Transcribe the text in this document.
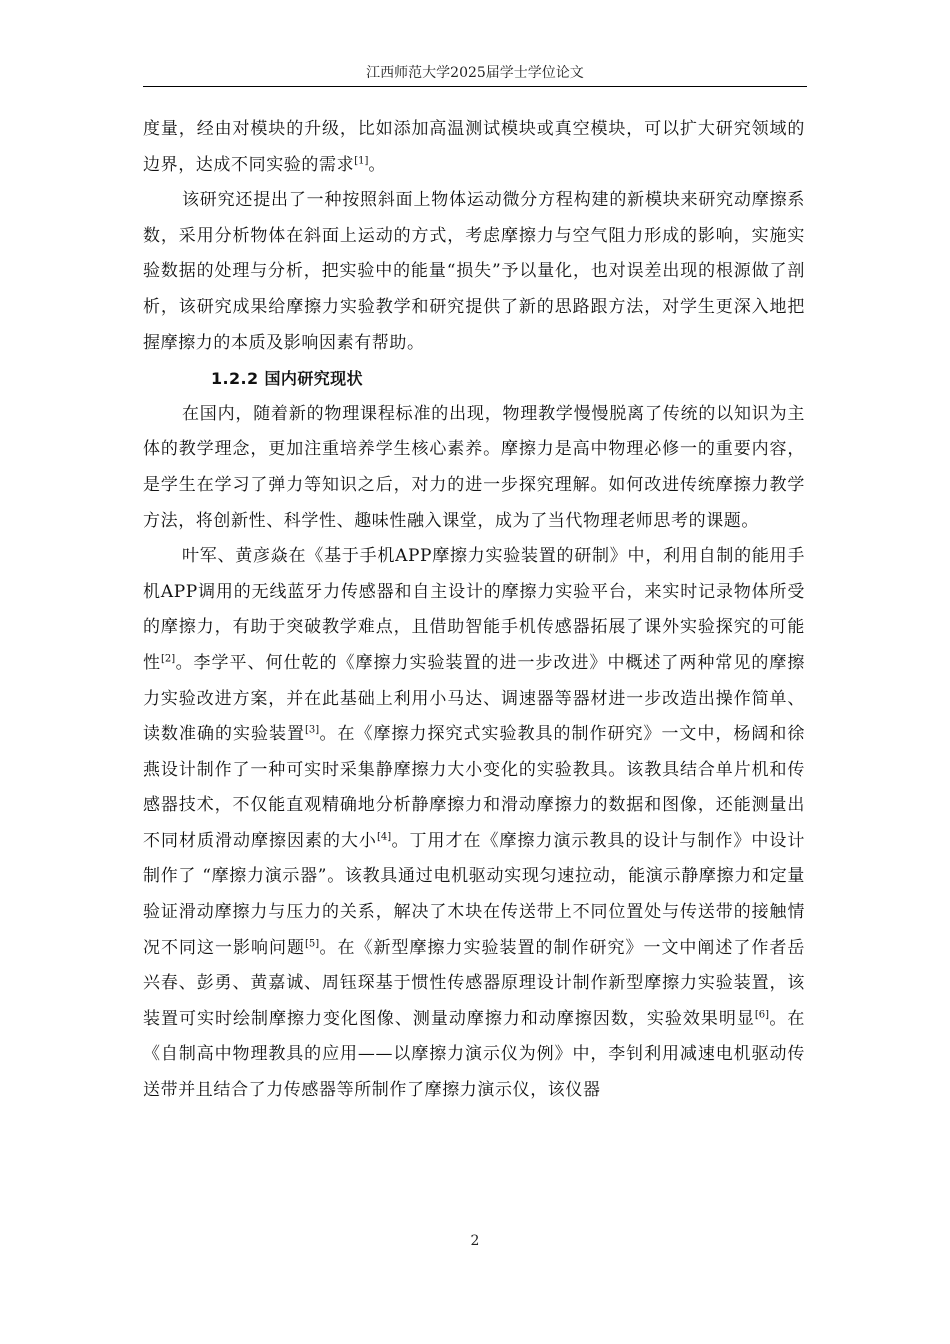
江西师范大学2025届学士学位论文

度量，经由对模块的升级，比如添加高温测试模块或真空模块，可以扩大研究领域的边界，达成不同实验的需求[1]。

该研究还提出了一种按照斜面上物体运动微分方程构建的新模块来研究动摩擦系数，采用分析物体在斜面上运动的方式，考虑摩擦力与空气阻力形成的影响，实施实验数据的处理与分析，把实验中的能量“损失”予以量化，也对误差出现的根源做了剖析，该研究成果给摩擦力实验教学和研究提供了新的思路跟方法，对学生更深入地把握摩擦力的本质及影响因素有帮助。

1.2.2 国内研究现状

在国内，随着新的物理课程标准的出现，物理教学慢慢脱离了传统的以知识为主体的教学理念，更加注重培养学生核心素养。摩擦力是高中物理必修一的重要内容，是学生在学习了弹力等知识之后，对力的进一步探究理解。如何改进传统摩擦力教学方法，将创新性、科学性、趣味性融入课堂，成为了当代物理老师思考的课题。

叶军、黄彦焱在《基于手机APP摩擦力实验装置的研制》中，利用自制的能用手机APP调用的无线蓝牙力传感器和自主设计的摩擦力实验平台，来实时记录物体所受的摩擦力，有助于突破教学难点，且借助智能手机传感器拓展了课外实验探究的可能性[2]。李学平、何仕乾的《摩擦力实验装置的进一步改进》中概述了两种常见的摩擦力实验改进方案，并在此基础上利用小马达、调速器等器材进一步改造出操作简单、读数准确的实验装置[3]。在《摩擦力探究式实验教具的制作研究》一文中，杨阔和徐燕设计制作了一种可实时采集静摩擦力大小变化的实验教具。该教具结合单片机和传感器技术，不仅能直观精确地分析静摩擦力和滑动摩擦力的数据和图像，还能测量出不同材质滑动摩擦因素的大小[4]。丁用才在《摩擦力演示教具的设计与制作》中设计制作了 “摩擦力演示器”。该教具通过电机驱动实现匀速拉动，能演示静摩擦力和定量验证滑动摩擦力与压力的关系，解决了木块在传送带上不同位置处与传送带的接触情况不同这一影响问题[5]。在《新型摩擦力实验装置的制作研究》一文中阐述了作者岳兴春、彭勇、黄嘉诚、周钰琛基于惯性传感器原理设计制作新型摩擦力实验装置，该装置可实时绘制摩擦力变化图像、测量动摩擦力和动摩擦因数，实验效果明显[6]。在《自制高中物理教具的应用——以摩擦力演示仪为例》中，李钊利用减速电机驱动传送带并且结合了力传感器等所制作了摩擦力演示仪，该仪器

2
